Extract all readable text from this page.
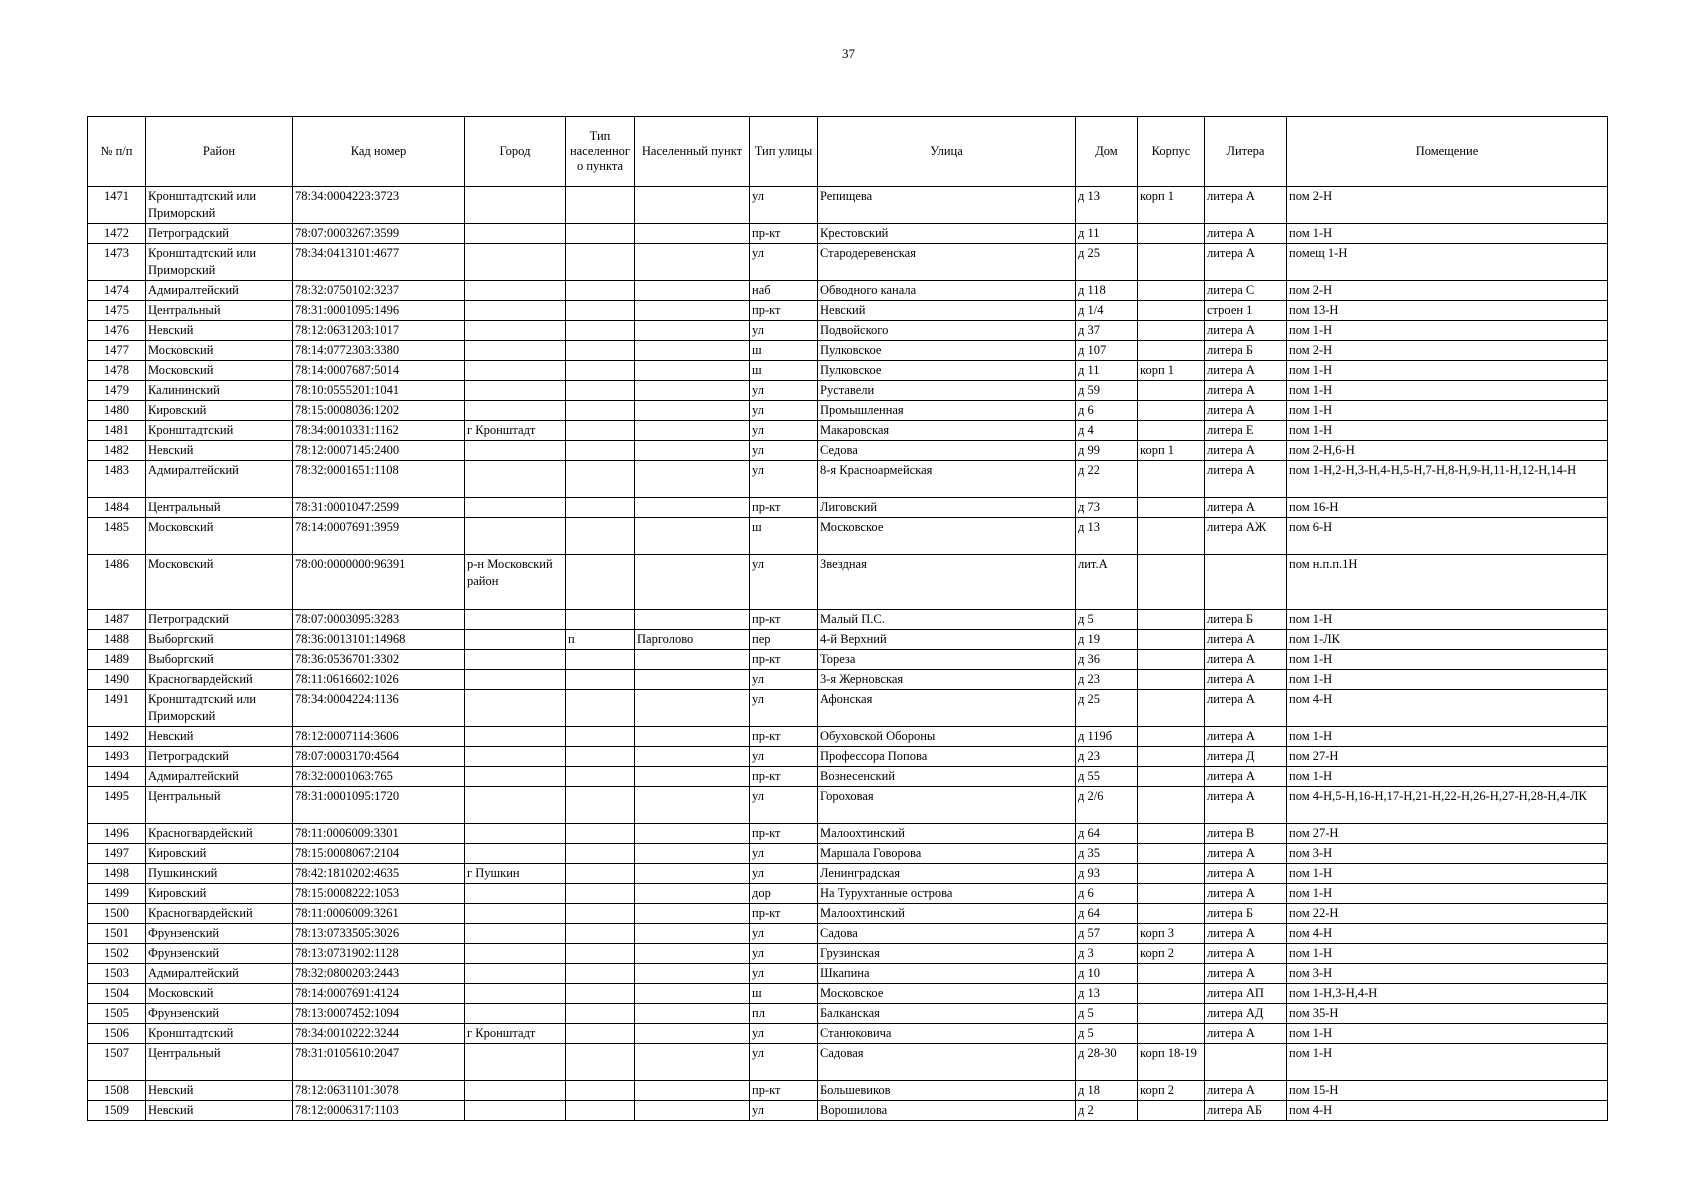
37
№ п/п	Район	Кад номер	Город	Тип населенного пункта	Населенный пункт	Тип улицы	Улица	Дом	Корпус	Литера	Помещение
1471	Кронштадтский или Приморский	78:34:0004223:3723				ул	Репищева	д 13	корп 1	литера А	пом 2-Н
1472	Петроградский	78:07:0003267:3599				пр-кт	Крестовский	д 11		литера А	пом 1-Н
1473	Кронштадтский или Приморский	78:34:0413101:4677				ул	Стародеревенская	д 25		литера А	помещ 1-Н
1474	Адмиралтейский	78:32:0750102:3237				наб	Обводного канала	д 118		литера С	пом 2-Н
1475	Центральный	78:31:0001095:1496				пр-кт	Невский	д 1/4		строен 1	пом 13-Н
1476	Невский	78:12:0631203:1017				ул	Подвойского	д 37		литера А	пом 1-Н
1477	Московский	78:14:0772303:3380				ш	Пулковское	д 107		литера Б	пом 2-Н
1478	Московский	78:14:0007687:5014				ш	Пулковское	д 11	корп 1	литера А	пом 1-Н
1479	Калининский	78:10:0555201:1041				ул	Руставели	д 59		литера А	пом 1-Н
1480	Кировский	78:15:0008036:1202				ул	Промышленная	д 6		литера А	пом 1-Н
1481	Кронштадтский	78:34:0010331:1162	г Кронштадт			ул	Макаровская	д 4		литера Е	пом 1-Н
1482	Невский	78:12:0007145:2400				ул	Седова	д 99	корп 1	литера А	пом 2-Н,6-Н
1483	Адмиралтейский	78:32:0001651:1108				ул	8-я Красноармейская	д 22		литера А	пом 1-Н,2-Н,3-Н,4-Н,5-Н,7-Н,8-Н,9-Н,11-Н,12-Н,14-Н
1484	Центральный	78:31:0001047:2599				пр-кт	Лиговский	д 73		литера А	пом 16-Н
1485	Московский	78:14:0007691:3959				ш	Московское	д 13		литера АЖ	пом 6-Н
1486	Московский	78:00:0000000:96391	р-н Московский район			ул	Звездная	лит.А			пом н.п.п.1Н
1487	Петроградский	78:07:0003095:3283				пр-кт	Малый П.С.	д 5		литера Б	пом 1-Н
1488	Выборгский	78:36:0013101:14968		п	Парголово	пер	4-й Верхний	д 19		литера А	пом 1-ЛК
1489	Выборгский	78:36:0536701:3302				пр-кт	Тореза	д 36		литера А	пом 1-Н
1490	Красногвардейский	78:11:0616602:1026				ул	3-я Жерновская	д 23		литера А	пом 1-Н
1491	Кронштадтский или Приморский	78:34:0004224:1136				ул	Афонская	д 25		литера А	пом 4-Н
1492	Невский	78:12:0007114:3606				пр-кт	Обуховской Обороны	д 119б		литера А	пом 1-Н
1493	Петроградский	78:07:0003170:4564				ул	Профессора Попова	д 23		литера Д	пом 27-Н
1494	Адмиралтейский	78:32:0001063:765				пр-кт	Вознесенский	д 55		литера А	пом 1-Н
1495	Центральный	78:31:0001095:1720				ул	Гороховая	д 2/6		литера А	пом 4-Н,5-Н,16-Н,17-Н,21-Н,22-Н,26-Н,27-Н,28-Н,4-ЛК
1496	Красногвардейский	78:11:0006009:3301				пр-кт	Малоохтинский	д 64		литера В	пом 27-Н
1497	Кировский	78:15:0008067:2104				ул	Маршала Говорова	д 35		литера А	пом 3-Н
1498	Пушкинский	78:42:1810202:4635	г Пушкин			ул	Ленинградская	д 93		литера А	пом 1-Н
1499	Кировский	78:15:0008222:1053				дор	На Турухтанные острова	д 6		литера А	пом 1-Н
1500	Красногвардейский	78:11:0006009:3261				пр-кт	Малоохтинский	д 64		литера Б	пом 22-Н
1501	Фрунзенский	78:13:0733505:3026				ул	Садова	д 57	корп 3	литера А	пом 4-Н
1502	Фрунзенский	78:13:0731902:1128				ул	Грузинская	д 3	корп 2	литера А	пом 1-Н
1503	Адмиралтейский	78:32:0800203:2443				ул	Шкапина	д 10		литера А	пом 3-Н
1504	Московский	78:14:0007691:4124				ш	Московское	д 13		литера АП	пом 1-Н,3-Н,4-Н
1505	Фрунзенский	78:13:0007452:1094				пл	Балканская	д 5		литера АД	пом 35-Н
1506	Кронштадтский	78:34:0010222:3244	г Кронштадт			ул	Станюковича	д 5		литера А	пом 1-Н
1507	Центральный	78:31:0105610:2047				ул	Садовая	д 28-30	корп 18-19		пом 1-Н
1508	Невский	78:12:0631101:3078				пр-кт	Большевиков	д 18	корп 2	литера А	пом 15-Н
1509	Невский	78:12:0006317:1103				ул	Ворошилова	д 2		литера АБ	пом 4-Н
